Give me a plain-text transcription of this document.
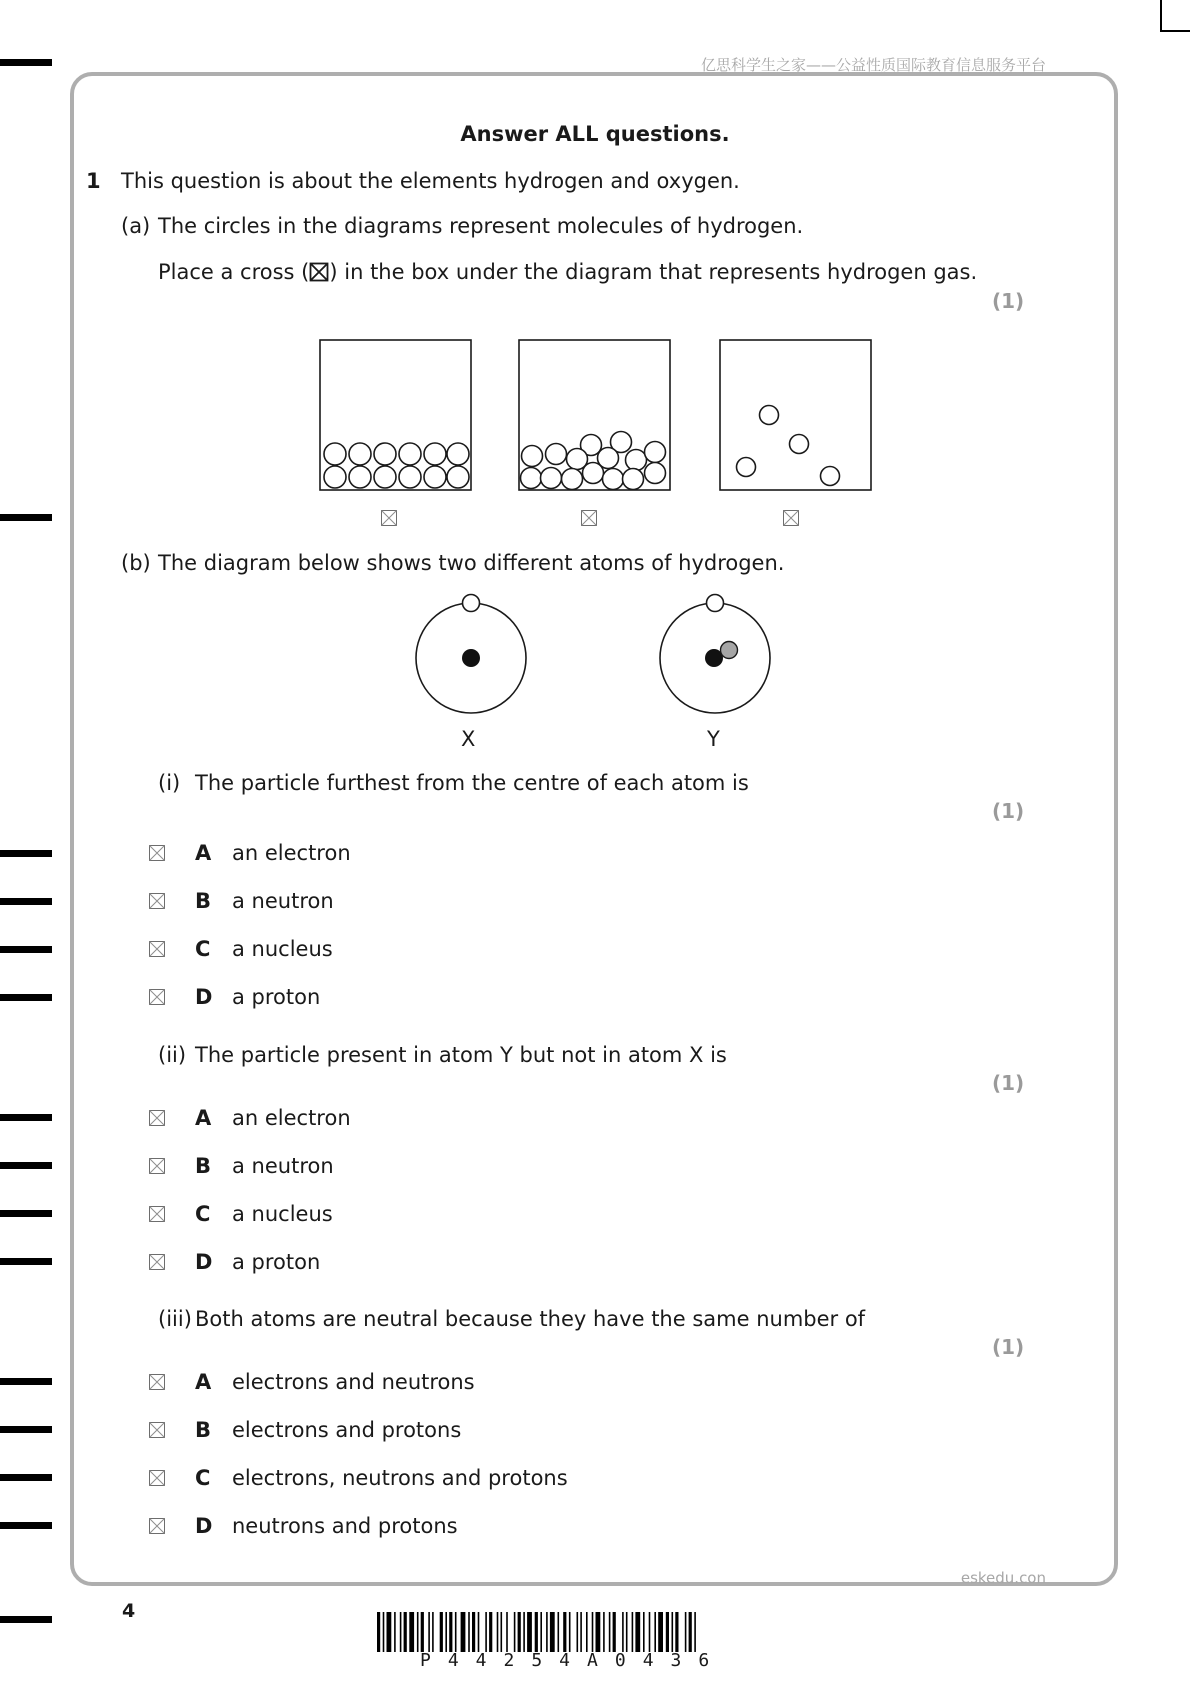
亿思科学生之家——公益性质国际教育信息服务平台
Answer ALL questions.
1 This question is about the elements hydrogen and oxygen.
(a) The circles in the diagrams represent molecules of hydrogen.
Place a cross (☒) in the box under the diagram that represents hydrogen gas.
(1)
(b) The diagram below shows two different atoms of hydrogen.
X	Y
(i) The particle furthest from the centre of each atom is
(1)
A an electron
B a neutron
C a nucleus
D a proton
(ii) The particle present in atom Y but not in atom X is
(1)
A an electron
B a neutron
C a nucleus
D a proton
(iii) Both atoms are neutral because they have the same number of
(1)
A electrons and neutrons
B electrons and protons
C electrons, neutrons and protons
D neutrons and protons
eskedu.con
4
P44254A0436
